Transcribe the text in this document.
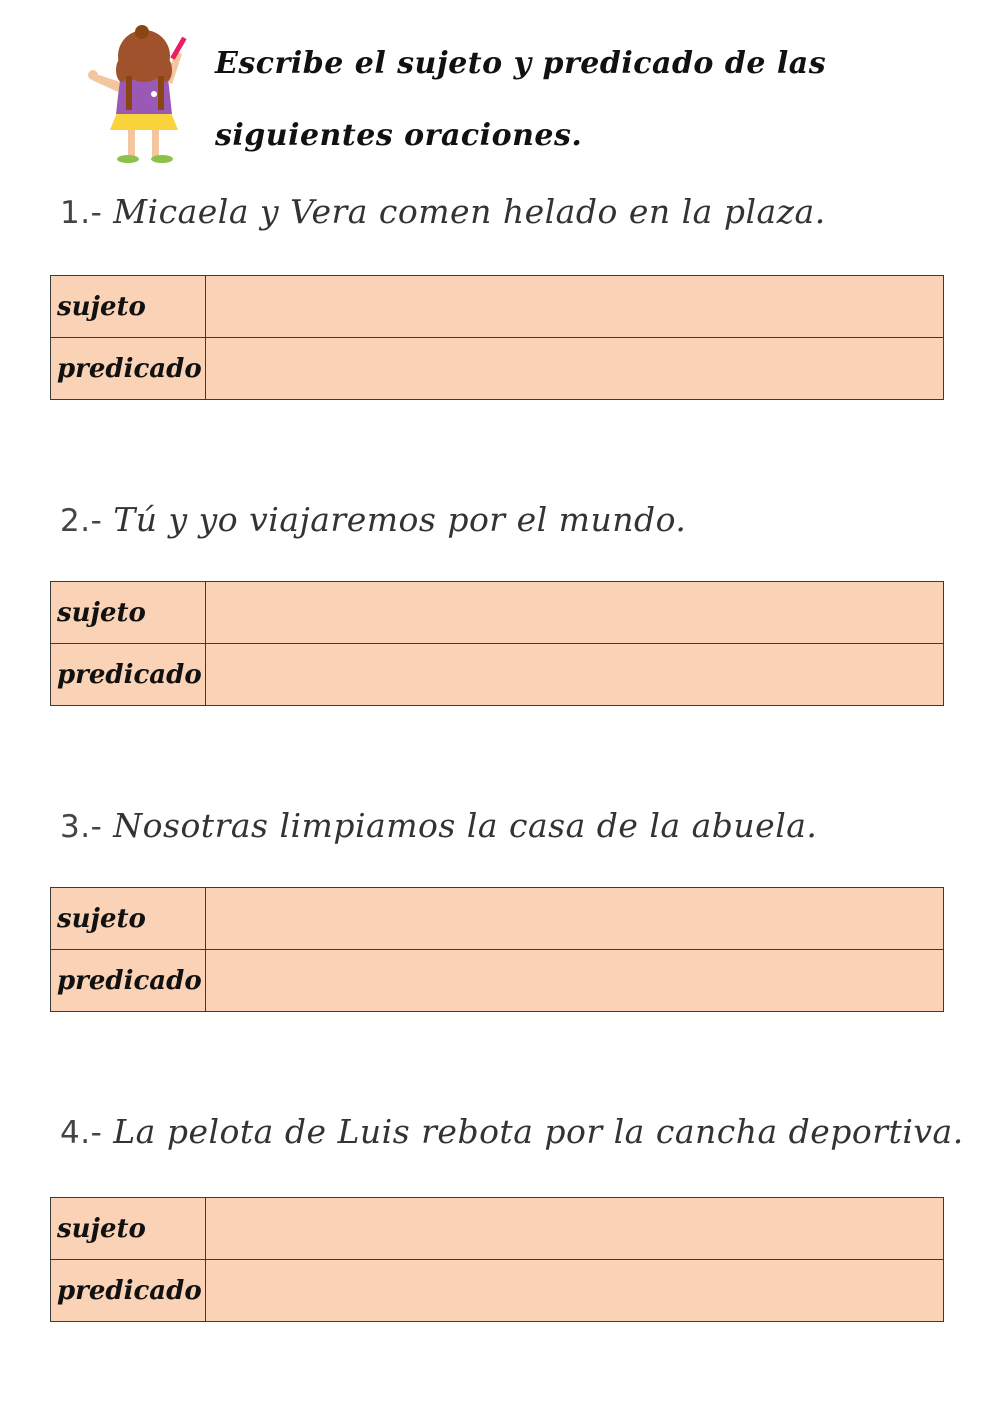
Escribe el sujeto y predicado de las siguientes oraciones.
1.- Micaela y Vera comen helado en la plaza.
sujeto	
predicado	
2.- Tú y yo viajaremos por el mundo.
sujeto	
predicado	
3.- Nosotras limpiamos la casa de la abuela.
sujeto	
predicado	
4.- La pelota de Luis rebota por la cancha deportiva.
sujeto	
predicado	
